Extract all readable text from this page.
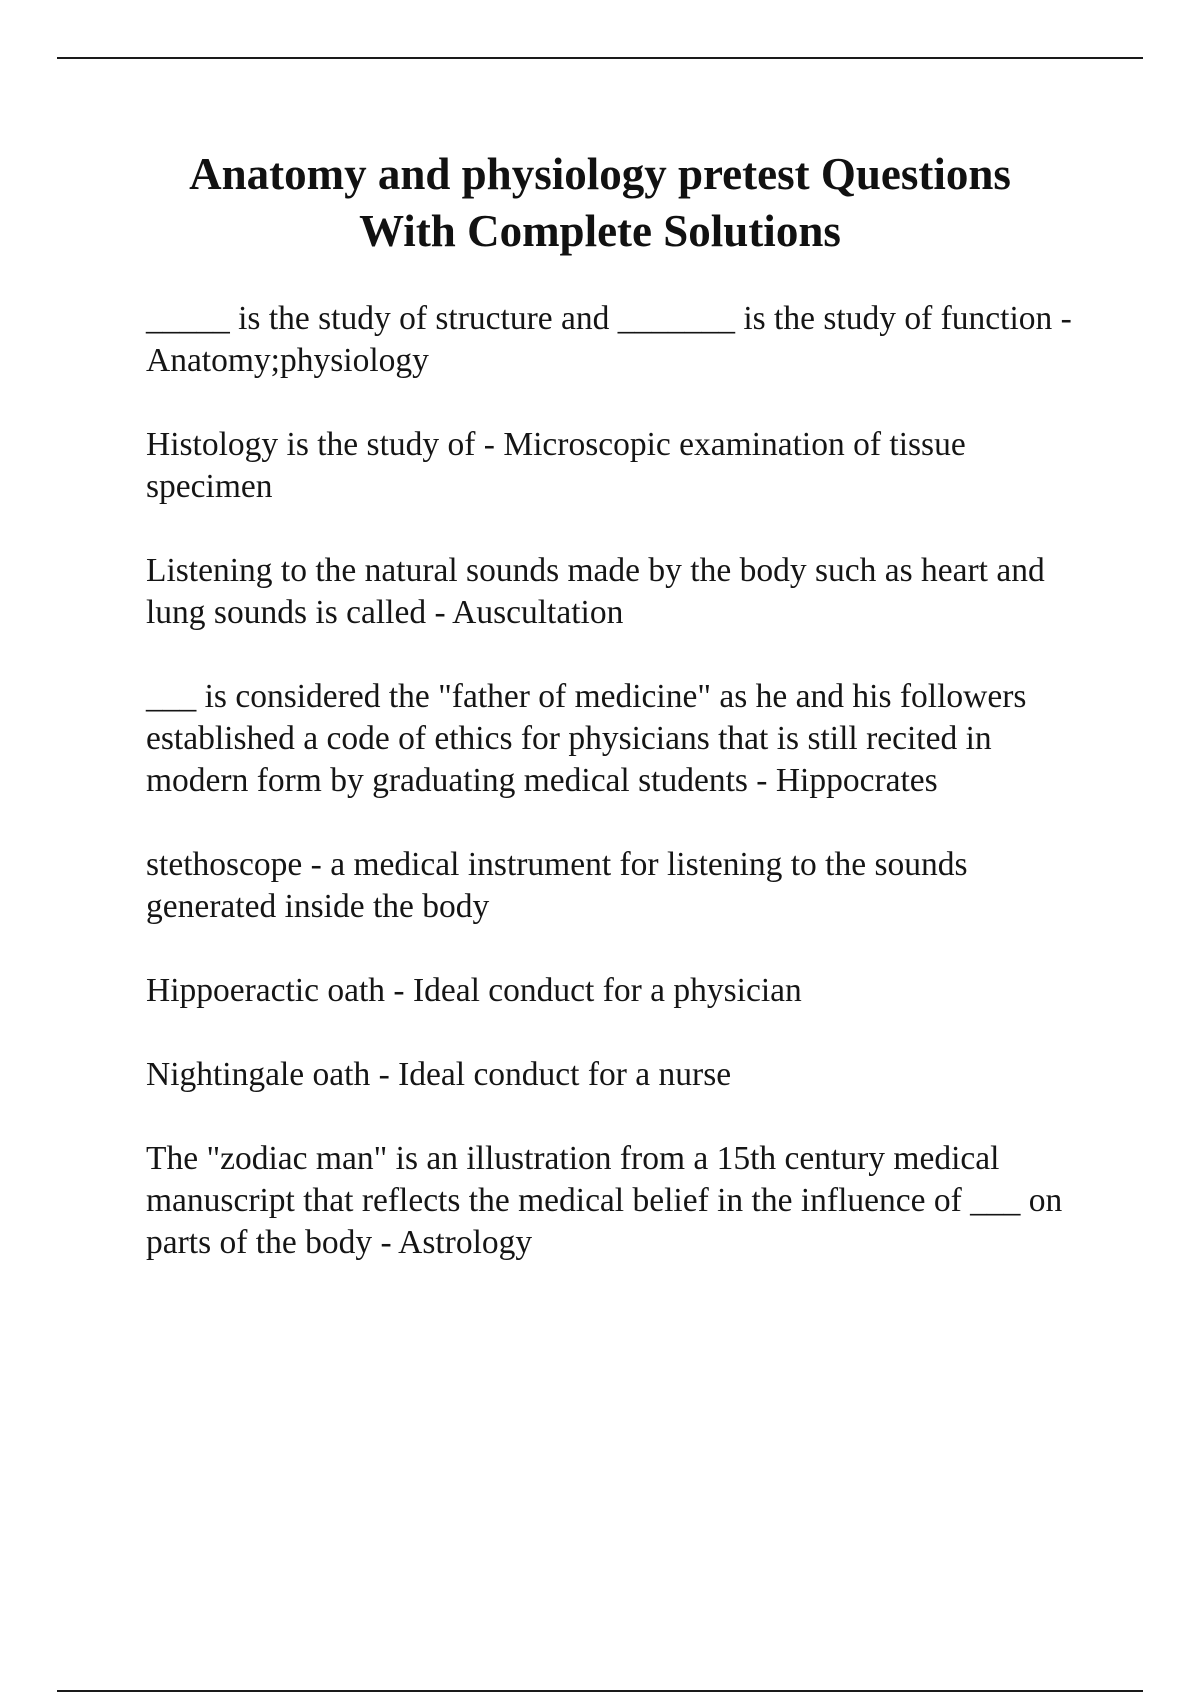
Anatomy and physiology pretest Questions
With Complete Solutions
_____ is the study of structure and _______ is the study of function - Anatomy;physiology
Histology is the study of - Microscopic examination of tissue specimen
Listening to the natural sounds made by the body such as heart and lung sounds is called - Auscultation
___ is considered the "father of medicine" as he and his followers established a code of ethics for physicians that is still recited in modern form by graduating medical students - Hippocrates
stethoscope - a medical instrument for listening to the sounds generated inside the body
Hippoeractic oath - Ideal conduct for a physician
Nightingale oath - Ideal conduct for a nurse
The "zodiac man" is an illustration from a 15th century medical manuscript that reflects the medical belief in the influence of ___ on parts of the body - Astrology
